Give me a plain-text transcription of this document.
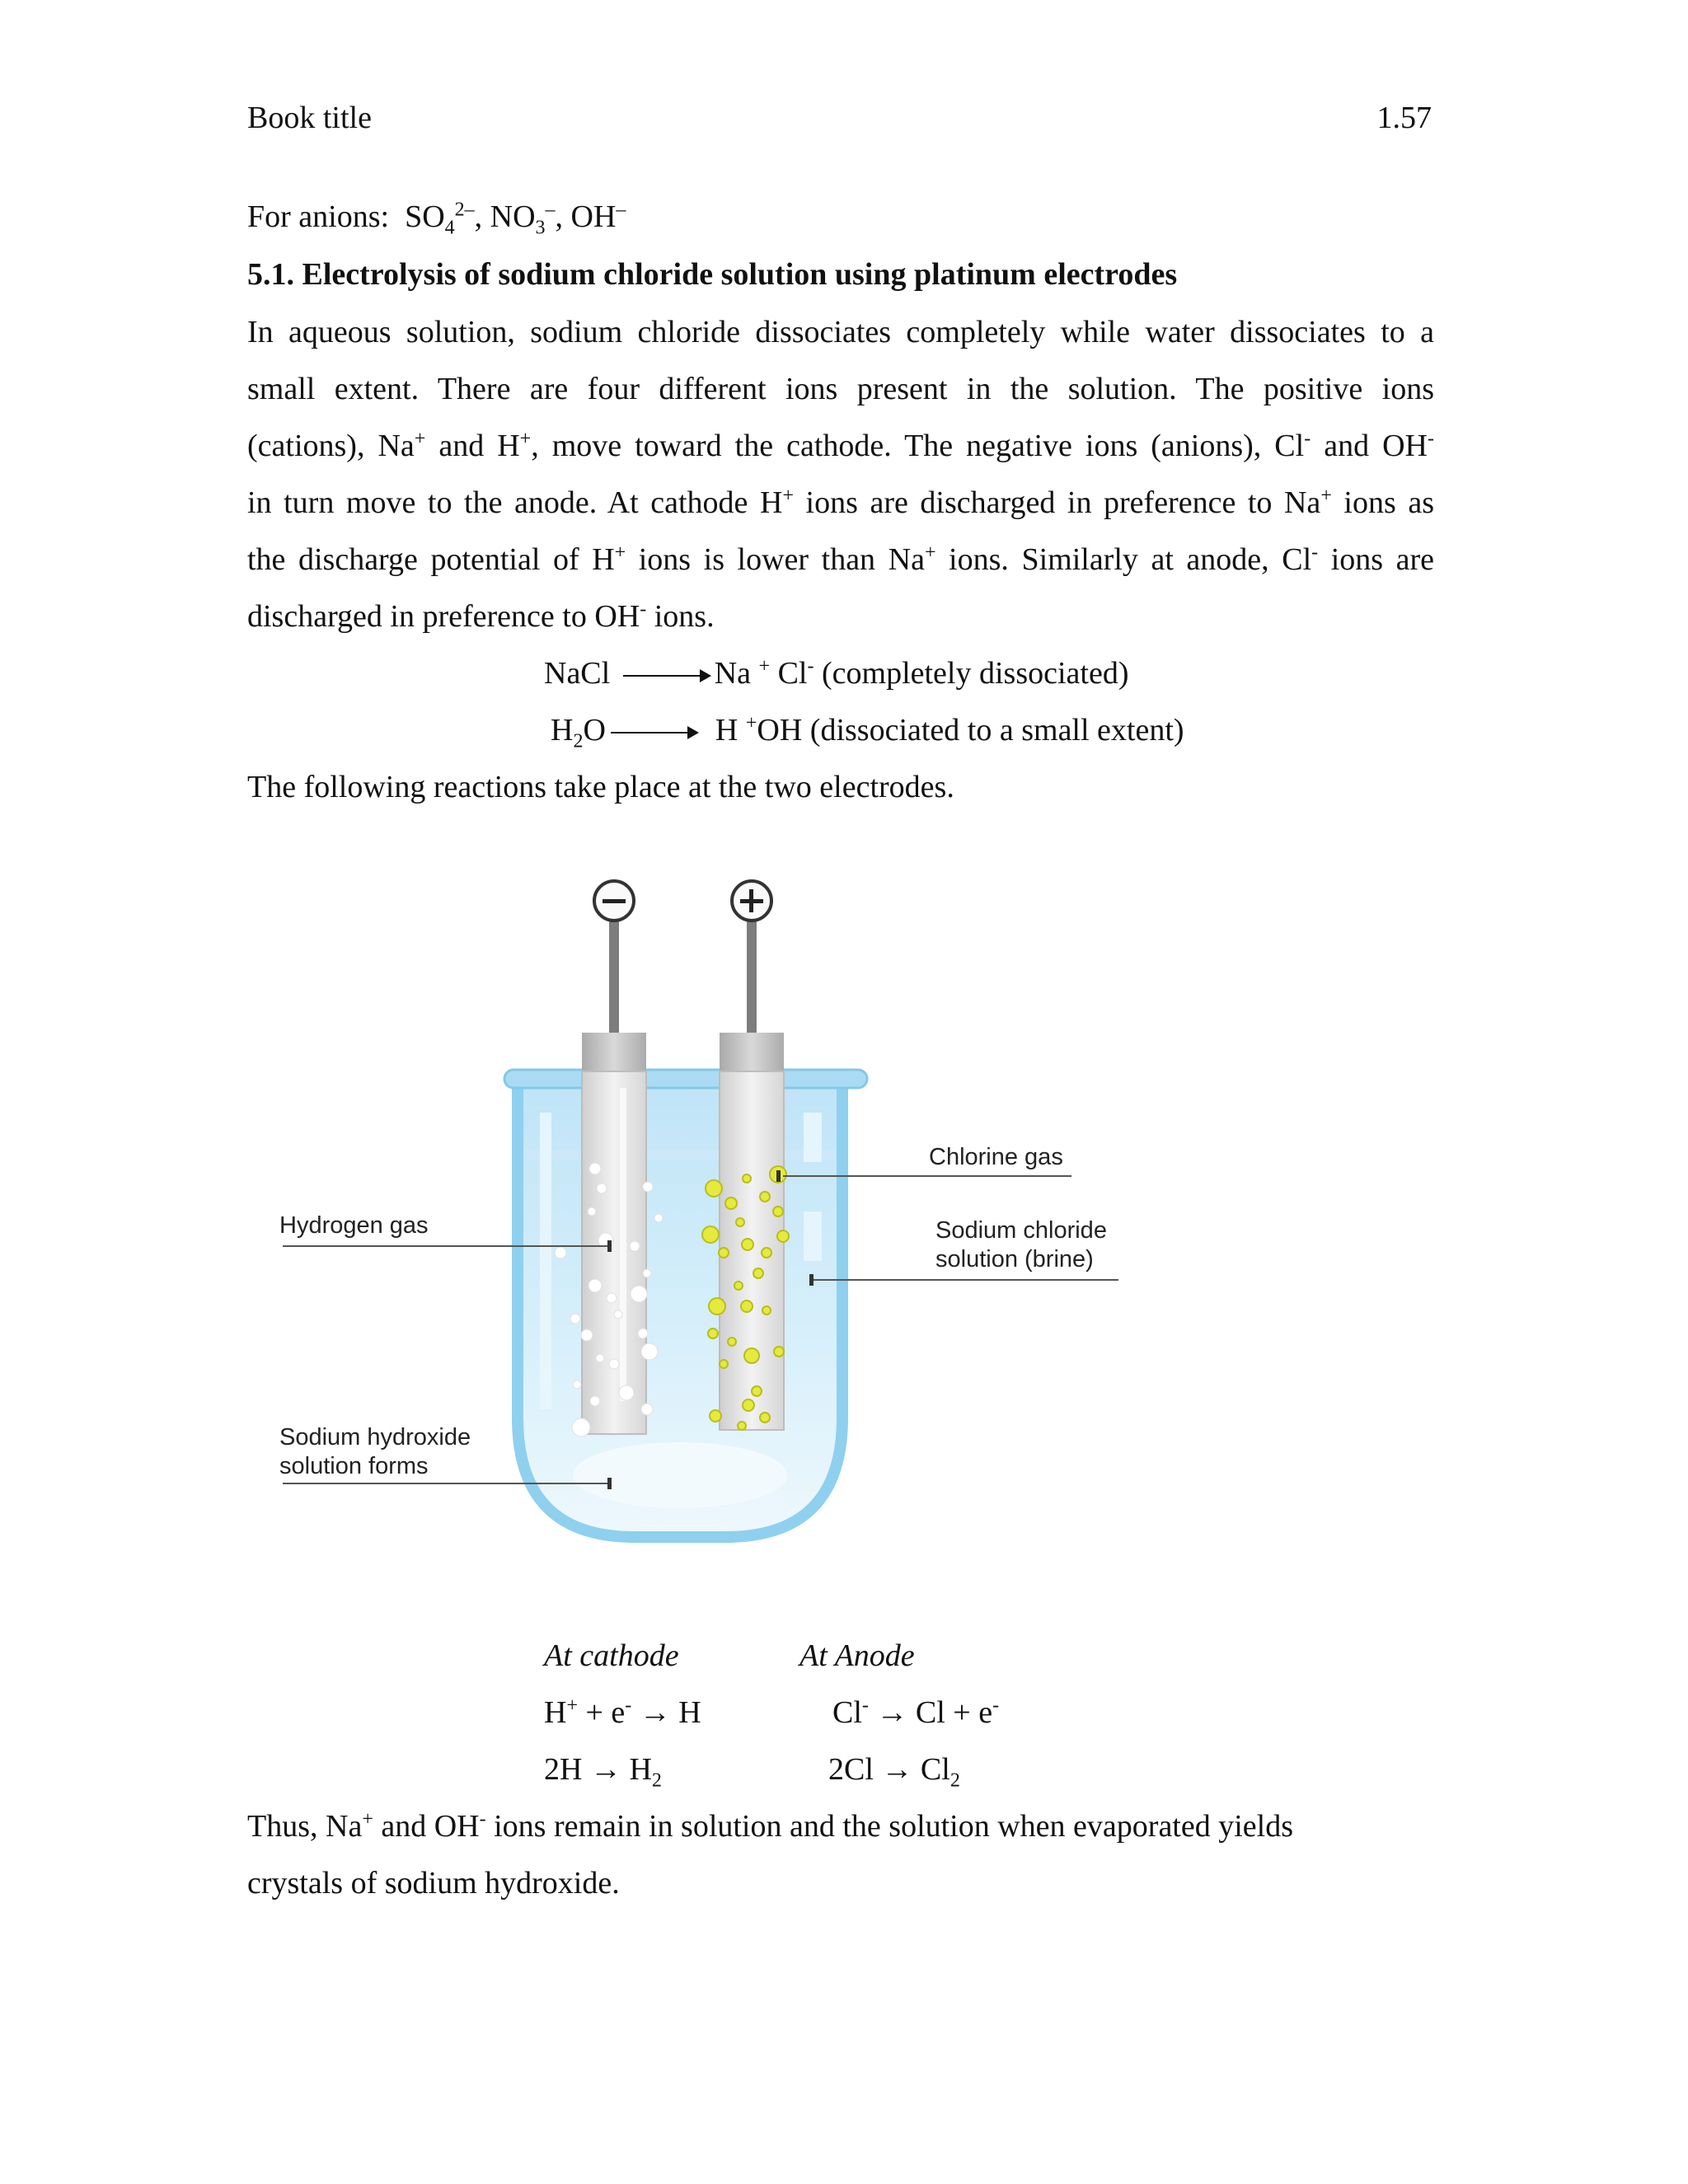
Book title	1.57
For anions: $SO_4^{2-}$, $NO_3^-$, OH–
5.1. Electrolysis of sodium chloride solution using platinum electrodes
In aqueous solution, sodium chloride dissociates completely while water dissociates to a
small extent. There are four different ions present in the solution. The positive ions
(cations), Na+ and H+, move toward the cathode. The negative ions (anions), Cl- and OH-
in turn move to the anode. At cathode H+ ions are discharged in preference to Na+ ions as
the discharge potential of H+ ions is lower than Na+ ions. Similarly at anode, Cl- ions are
discharged in preference to OH- ions.
NaCl → Na + Cl- (completely dissociated)
$H_2O \to H$ +OH (dissociated to a small extent)
The following reactions take place at the two electrodes.
Chlorine gas
Sodium chloride
solution (brine)
Hydrogen gas
Sodium hydroxide
solution forms
At cathode	At Anode
H+ + e- → H	Cl- → Cl + e-
$2H \to H_2$	$2Cl \to Cl_2$
Thus, Na+ and OH- ions remain in solution and the solution when evaporated yields
crystals of sodium hydroxide.
